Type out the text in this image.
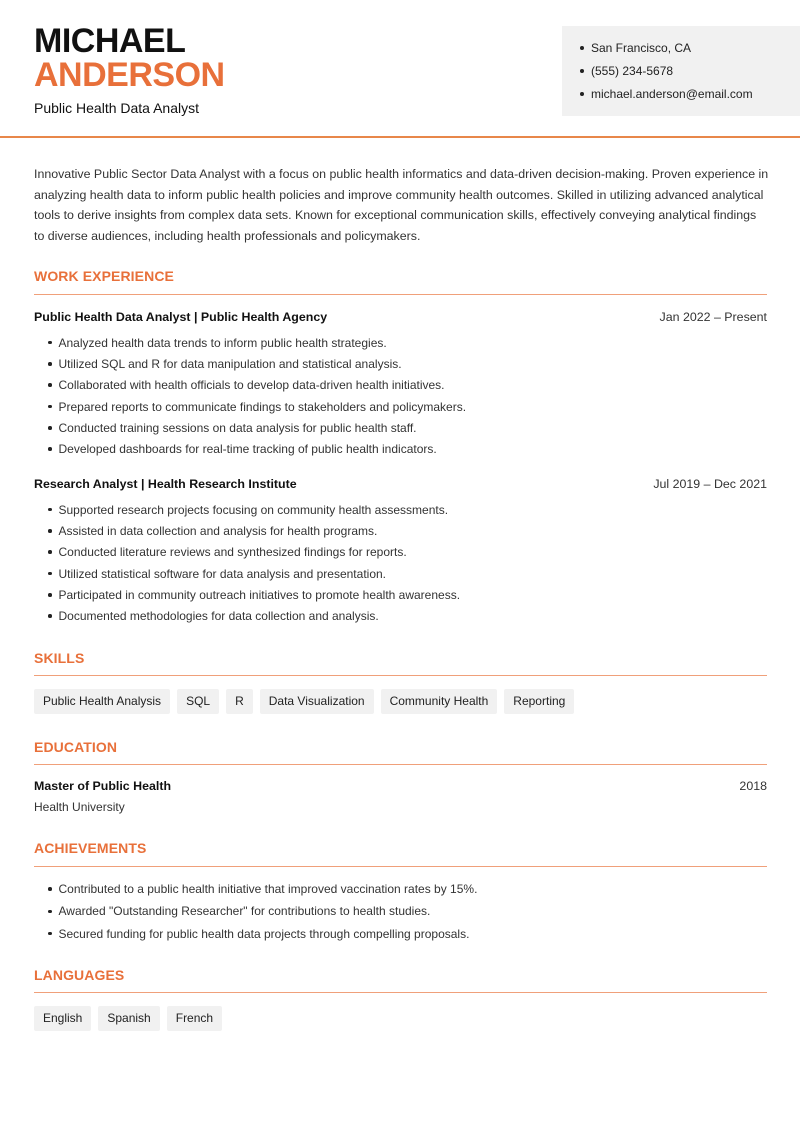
MICHAEL
ANDERSON
Public Health Data Analyst
San Francisco, CA
(555) 234-5678
michael.anderson@email.com

Innovative Public Sector Data Analyst with a focus on public health informatics and data-driven decision-making. Proven experience in analyzing health data to inform public health policies and improve community health outcomes. Skilled in utilizing advanced analytical tools to derive insights from complex data sets. Known for exceptional communication skills, effectively conveying analytical findings to diverse audiences, including health professionals and policymakers.

WORK EXPERIENCE
Public Health Data Analyst | Public Health Agency	Jan 2022 – Present
Analyzed health data trends to inform public health strategies.
Utilized SQL and R for data manipulation and statistical analysis.
Collaborated with health officials to develop data-driven health initiatives.
Prepared reports to communicate findings to stakeholders and policymakers.
Conducted training sessions on data analysis for public health staff.
Developed dashboards for real-time tracking of public health indicators.
Research Analyst | Health Research Institute	Jul 2019 – Dec 2021
Supported research projects focusing on community health assessments.
Assisted in data collection and analysis for health programs.
Conducted literature reviews and synthesized findings for reports.
Utilized statistical software for data analysis and presentation.
Participated in community outreach initiatives to promote health awareness.
Documented methodologies for data collection and analysis.
SKILLS
Public Health Analysis	SQL	R	Data Visualization	Community Health	Reporting
EDUCATION
Master of Public Health	2018
Health University
ACHIEVEMENTS
Contributed to a public health initiative that improved vaccination rates by 15%.
Awarded "Outstanding Researcher" for contributions to health studies.
Secured funding for public health data projects through compelling proposals.
LANGUAGES
English	Spanish	French
